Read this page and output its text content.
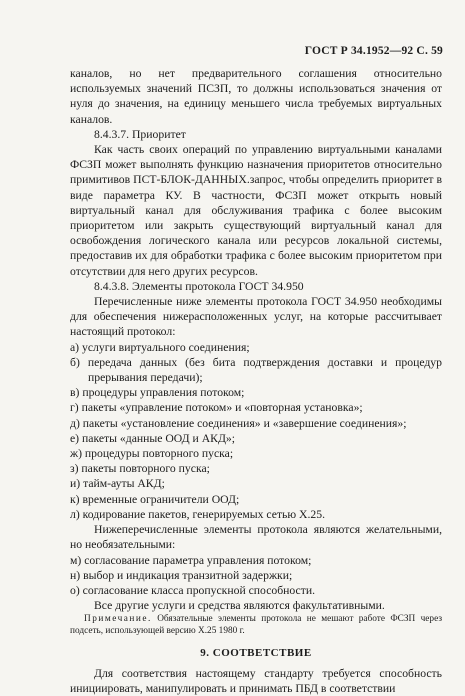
ГОСТ Р 34.1952—92 С. 59

каналов, но нет предварительного соглашения относительно используемых значений ПСЗП, то должны использоваться значения от нуля до значения, на единицу меньшего числа требуемых виртуальных каналов.

8.4.3.7. Приоритет

Как часть своих операций по управлению виртуальными каналами ФСЗП может выполнять функцию назначения приоритетов относительно примитивов ПСТ-БЛОК-ДАННЫХ.запрос, чтобы определить приоритет в виде параметра КУ. В частности, ФСЗП может открыть новый виртуальный канал для обслуживания трафика с более высоким приоритетом или закрыть существующий виртуальный канал для освобождения логического канала или ресурсов локальной системы, предоставив их для обработки трафика с более высоким приоритетом при отсутствии для него других ресурсов.

8.4.3.8. Элементы протокола ГОСТ 34.950

Перечисленные ниже элементы протокола ГОСТ 34.950 необходимы для обеспечения нижерасположенных услуг, на которые рассчитывает настоящий протокол:

а) услуги виртуального соединения;

б) передача данных (без бита подтверждения доставки и процедур прерывания передачи);

в) процедуры управления потоком;

г) пакеты «управление потоком» и «повторная установка»;

д) пакеты «установление соединения» и «завершение соединения»;

е) пакеты «данные ООД и АКД»;

ж) процедуры повторного пуска;

з) пакеты повторного пуска;

и) тайм-ауты АКД;

к) временные ограничители ООД;

л) кодирование пакетов, генерируемых сетью Х.25.

Нижеперечисленные элементы протокола являются желательными, но необязательными:

м) согласование параметра управления потоком;

н) выбор и индикация транзитной задержки;

о) согласование класса пропускной способности.

Все другие услуги и средства являются факультативными.

Примечание. Обязательные элементы протокола не мешают работе ФСЗП через подсеть, использующей версию Х.25 1980 г.

9. СООТВЕТСТВИЕ

Для соответствия настоящему стандарту требуется способность инициировать, манипулировать и принимать ПБД в соответствии
